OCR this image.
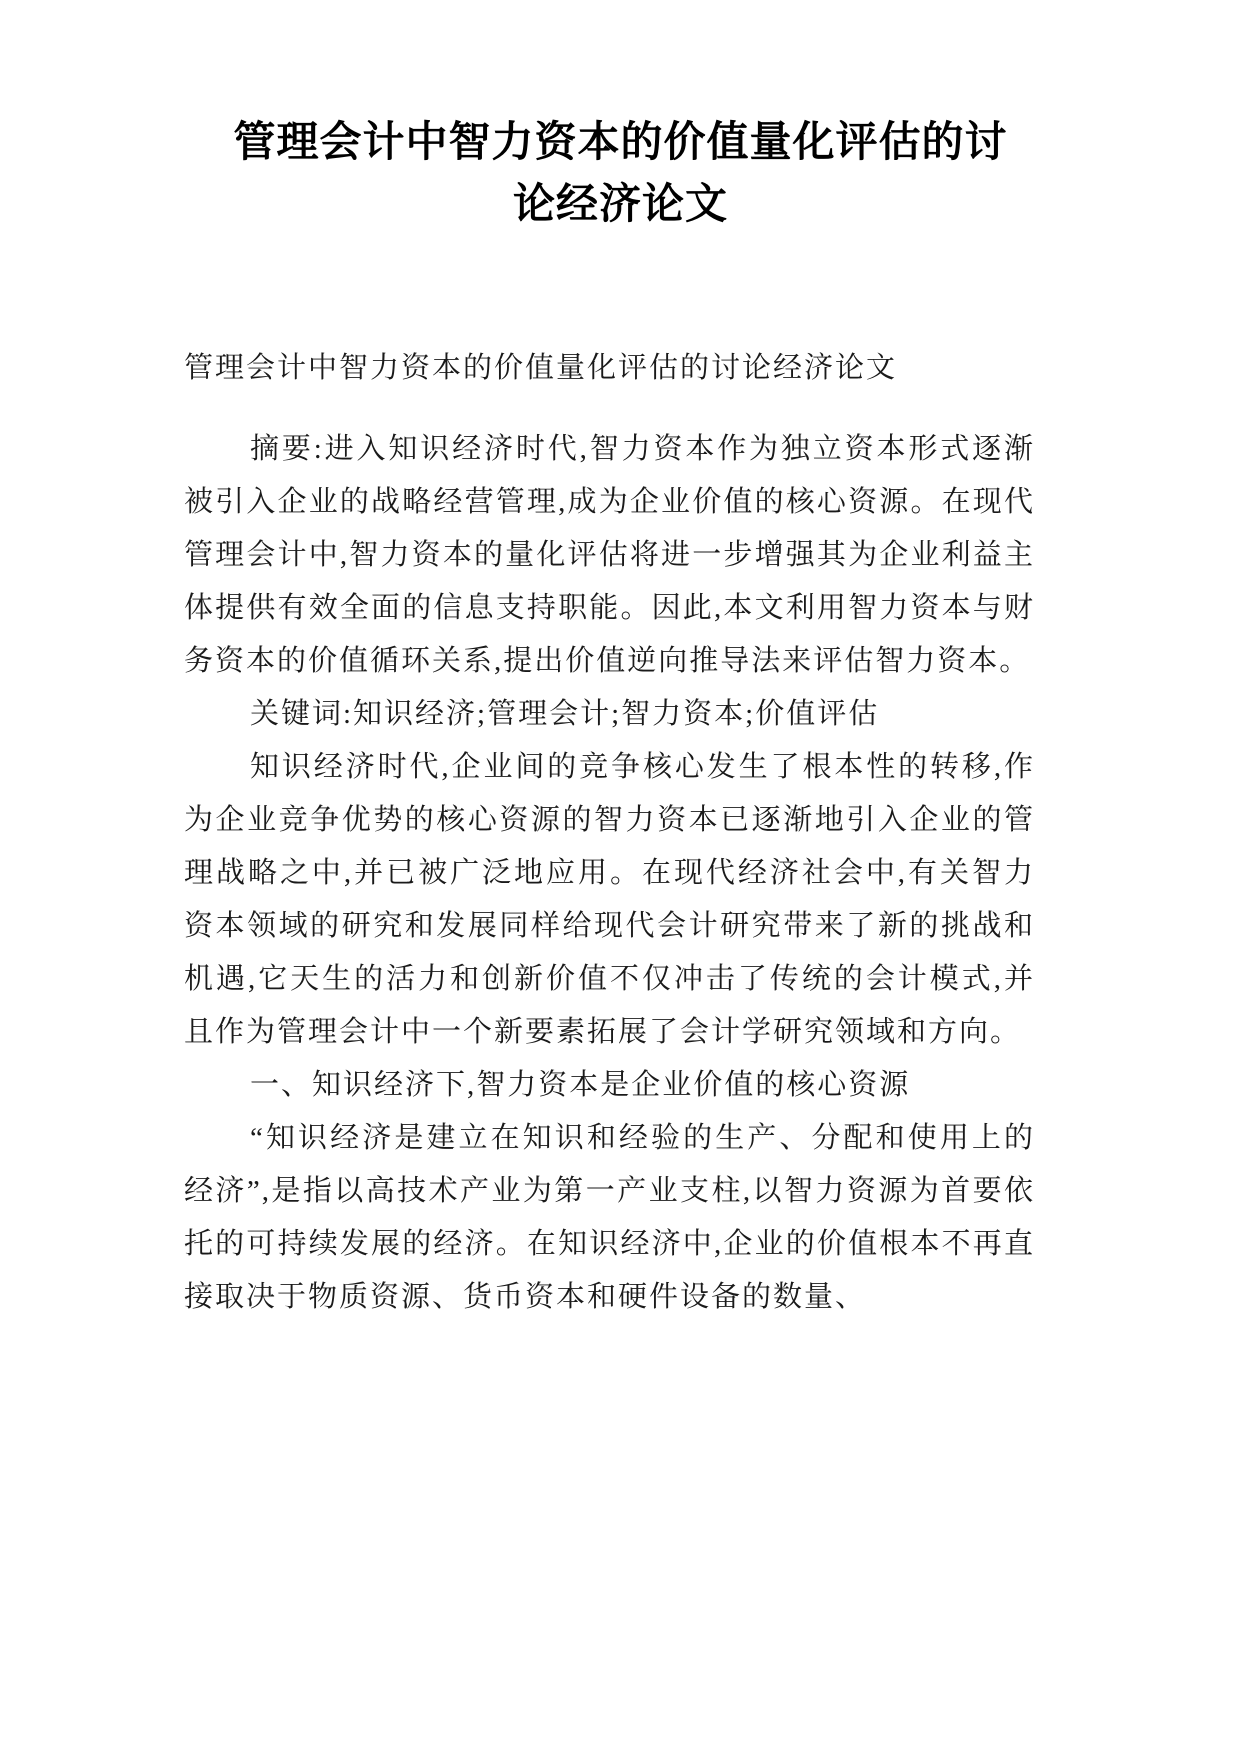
管理会计中智力资本的价值量化评估的讨
论经济论文

管理会计中智力资本的价值量化评估的讨论经济论文

摘要:进入知识经济时代,智力资本作为独立资本形式逐渐被引入企业的战略经营管理,成为企业价值的核心资源。在现代管理会计中,智力资本的量化评估将进一步增强其为企业利益主体提供有效全面的信息支持职能。因此,本文利用智力资本与财务资本的价值循环关系,提出价值逆向推导法来评估智力资本。

关键词:知识经济;管理会计;智力资本;价值评估

知识经济时代,企业间的竞争核心发生了根本性的转移,作为企业竞争优势的核心资源的智力资本已逐渐地引入企业的管理战略之中,并已被广泛地应用。在现代经济社会中,有关智力资本领域的研究和发展同样给现代会计研究带来了新的挑战和机遇,它天生的活力和创新价值不仅冲击了传统的会计模式,并且作为管理会计中一个新要素拓展了会计学研究领域和方向。

一、知识经济下,智力资本是企业价值的核心资源

“知识经济是建立在知识和经验的生产、分配和使用上的经济”,是指以高技术产业为第一产业支柱,以智力资源为首要依托的可持续发展的经济。在知识经济中,企业的价值根本不再直接取决于物质资源、货币资本和硬件设备的数量、
